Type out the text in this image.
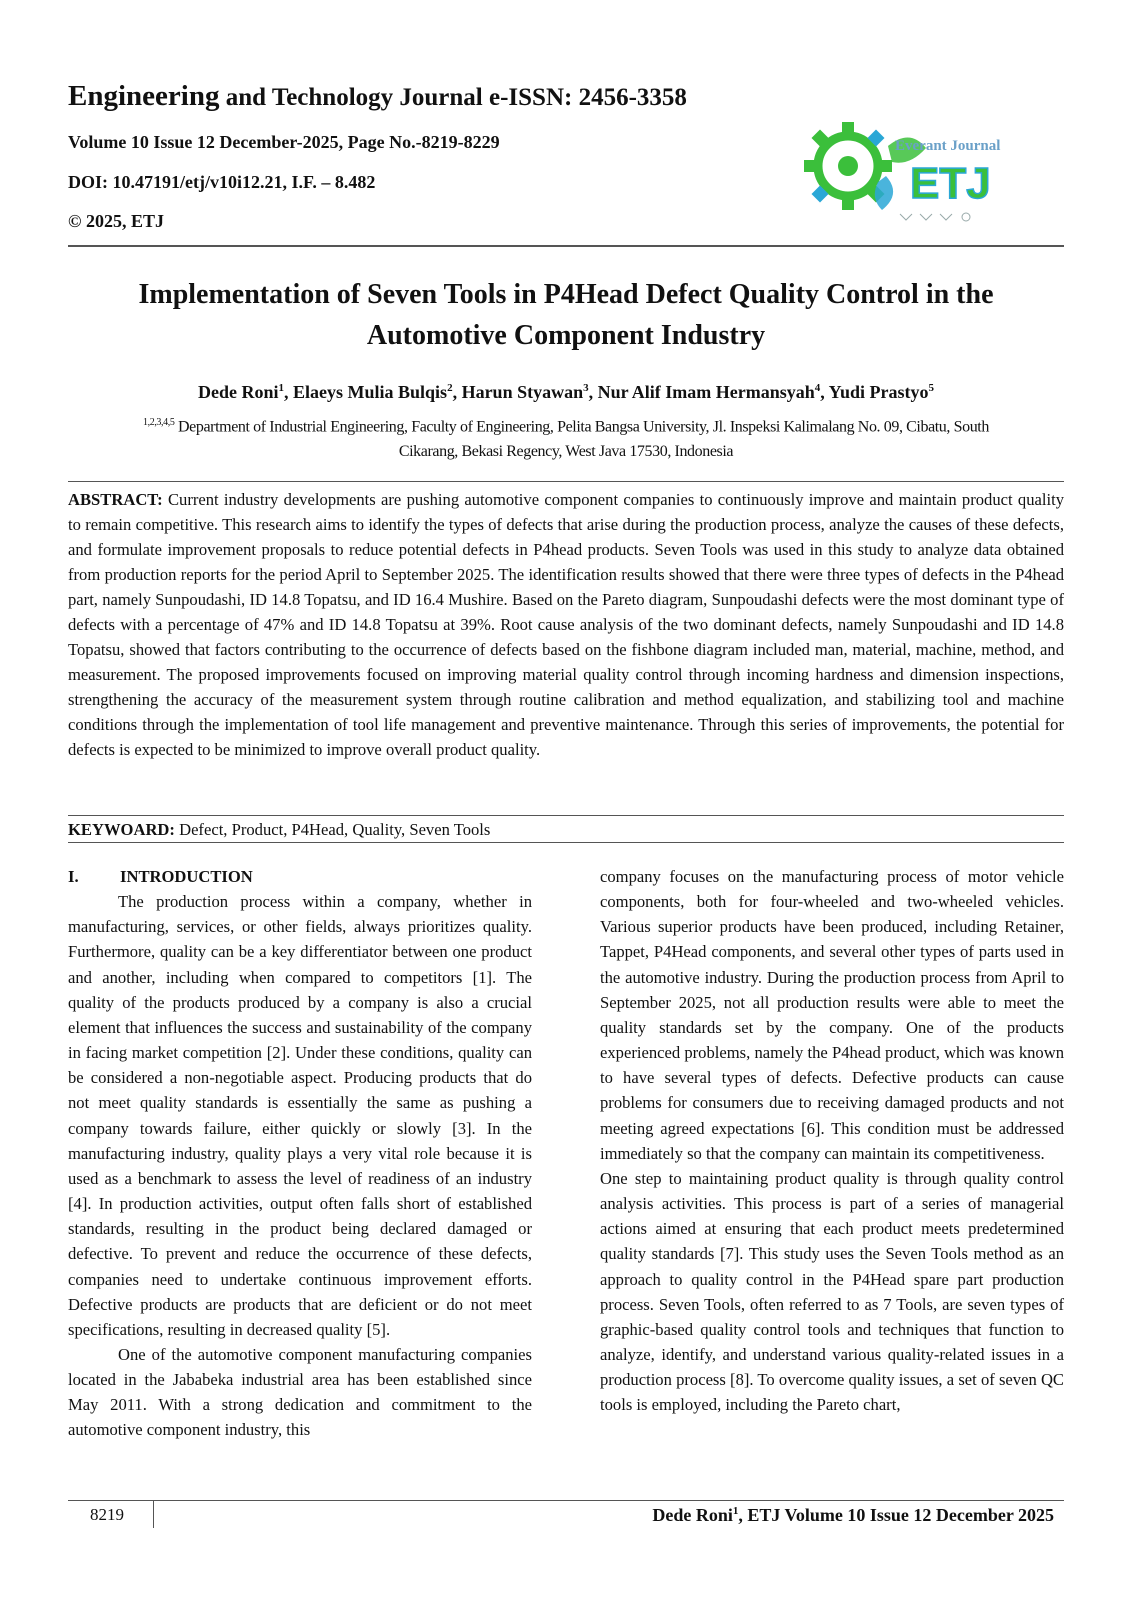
Engineering and Technology Journal e-ISSN: 2456-3358
Volume 10 Issue 12 December-2025, Page No.-8219-8229
DOI: 10.47191/etj/v10i12.21, I.F. – 8.482
© 2025, ETJ
Everant Journal
ETJ
Implementation of Seven Tools in P4Head Defect Quality Control in the
Automotive Component Industry
Dede Roni$^1$, Elaeys Mulia Bulqis$^2$, Harun Styawan$^3$, Nur Alif Imam Hermansyah$^4$, Yudi Prastyo$^5$
$^{1,2,3,4,5}$ Department of Industrial Engineering, Faculty of Engineering, Pelita Bangsa University, Jl. Inspeksi Kalimalang No. 09, Cibatu, South
Cikarang, Bekasi Regency, West Java 17530, Indonesia
ABSTRACT: Current industry developments are pushing automotive component companies to continuously improve and maintain product quality to remain competitive. This research aims to identify the types of defects that arise during the production process, analyze the causes of these defects, and formulate improvement proposals to reduce potential defects in P4head products. Seven Tools was used in this study to analyze data obtained from production reports for the period April to September 2025. The identification results showed that there were three types of defects in the P4head part, namely Sunpoudashi, ID 14.8 Topatsu, and ID 16.4 Mushire. Based on the Pareto diagram, Sunpoudashi defects were the most dominant type of defects with a percentage of 47% and ID 14.8 Topatsu at 39%. Root cause analysis of the two dominant defects, namely Sunpoudashi and ID 14.8 Topatsu, showed that factors contributing to the occurrence of defects based on the fishbone diagram included man, material, machine, method, and measurement. The proposed improvements focused on improving material quality control through incoming hardness and dimension inspections, strengthening the accuracy of the measurement system through routine calibration and method equalization, and stabilizing tool and machine conditions through the implementation of tool life management and preventive maintenance. Through this series of improvements, the potential for defects is expected to be minimized to improve overall product quality.
KEYWOARD: Defect, Product, P4Head, Quality, Seven Tools
I.	INTRODUCTION

The production process within a company, whether in manufacturing, services, or other fields, always prioritizes quality. Furthermore, quality can be a key differentiator between one product and another, including when compared to competitors [1]. The quality of the products produced by a company is also a crucial element that influences the success and sustainability of the company in facing market competition [2]. Under these conditions, quality can be considered a non-negotiable aspect. Producing products that do not meet quality standards is essentially the same as pushing a company towards failure, either quickly or slowly [3]. In the manufacturing industry, quality plays a very vital role because it is used as a benchmark to assess the level of readiness of an industry [4]. In production activities, output often falls short of established standards, resulting in the product being declared damaged or defective. To prevent and reduce the occurrence of these defects, companies need to undertake continuous improvement efforts. Defective products are products that are deficient or do not meet specifications, resulting in decreased quality [5].

One of the automotive component manufacturing companies located in the Jababeka industrial area has been established since May 2011. With a strong dedication and commitment to the automotive component industry, this

company focuses on the manufacturing process of motor vehicle components, both for four-wheeled and two-wheeled vehicles. Various superior products have been produced, including Retainer, Tappet, P4Head components, and several other types of parts used in the automotive industry. During the production process from April to September 2025, not all production results were able to meet the quality standards set by the company. One of the products experienced problems, namely the P4head product, which was known to have several types of defects. Defective products can cause problems for consumers due to receiving damaged products and not meeting agreed expectations [6]. This condition must be addressed immediately so that the company can maintain its competitiveness.

One step to maintaining product quality is through quality control analysis activities. This process is part of a series of managerial actions aimed at ensuring that each product meets predetermined quality standards [7]. This study uses the Seven Tools method as an approach to quality control in the P4Head spare part production process. Seven Tools, often referred to as 7 Tools, are seven types of graphic-based quality control tools and techniques that function to analyze, identify, and understand various quality-related issues in a production process [8]. To overcome quality issues, a set of seven QC tools is employed, including the Pareto chart,

8219	Dede Roni$^1$, ETJ Volume 10 Issue 12 December 2025
